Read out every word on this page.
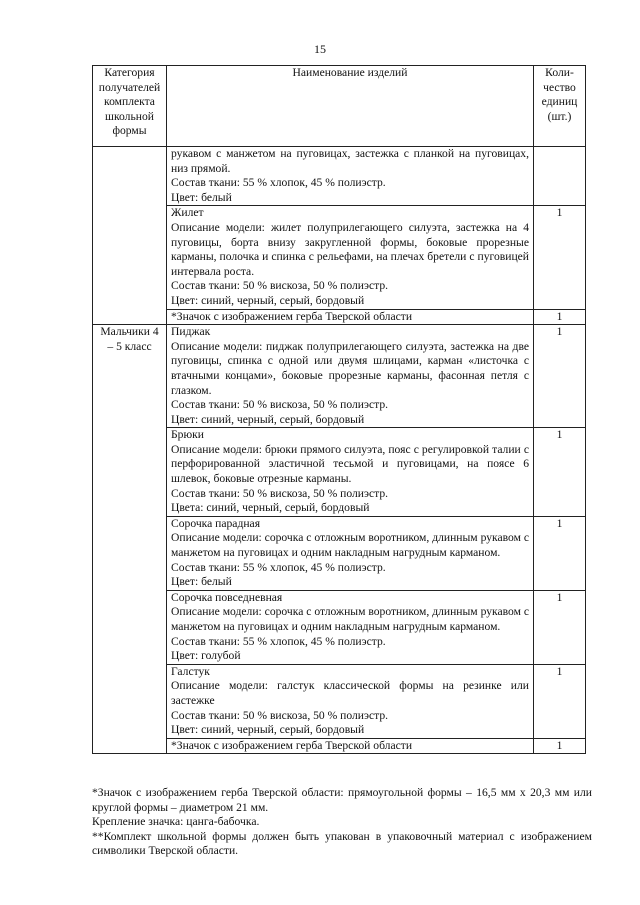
15
Категория получателей комплекта школьной формы	Наименование изделий	Коли-чество единиц (шт.)

	рукавом с манжетом на пуговицах, застежка с планкой на пуговицах, низ прямой.
Состав ткани: 55 % хлопок, 45 % полиэстр.
Цвет: белый	

	Жилет
Описание модели: жилет полуприлегающего силуэта, застежка на 4 пуговицы, борта внизу закругленной формы, боковые прорезные карманы, полочка и спинка с рельефами, на плечах бретели с пуговицей интервала роста.
Состав ткани: 50 % вискоза, 50 % полиэстр.
Цвет: синий, черный, серый, бордовый	1
	*Значок с изображением герба Тверской области	1
Мальчики 4 – 5 класс	Пиджак
Описание модели: пиджак полуприлегающего силуэта, застежка на две пуговицы, спинка с одной или двумя шлицами, карман «листочка с втачными концами», боковые прорезные карманы, фасонная петля с глазком.
Состав ткани: 50 % вискоза, 50 % полиэстр.
Цвет: синий, черный, серый, бордовый	1

	Брюки
Описание модели: брюки прямого силуэта, пояс с регулировкой талии с перфорированной эластичной тесьмой и пуговицами, на поясе 6 шлевок, боковые отрезные карманы.
Состав ткани: 50 % вискоза, 50 % полиэстр.
Цвета: синий, черный, серый, бордовый	1

	Сорочка парадная
Описание модели: сорочка с отложным воротником, длинным рукавом с манжетом на пуговицах и одним накладным нагрудным карманом.
Состав ткани: 55 % хлопок, 45 % полиэстр.
Цвет: белый	1

	Сорочка повседневная
Описание модели: сорочка с отложным воротником, длинным рукавом с манжетом на пуговицах и одним накладным нагрудным карманом.
Состав ткани: 55 % хлопок, 45 % полиэстр.
Цвет: голубой	1

	Галстук
Описание модели: галстук классической формы на резинке или застежке
Состав ткани: 50 % вискоза, 50 % полиэстр.
Цвет: синий, черный, серый, бордовый	1
	*Значок с изображением герба Тверской области	1

*Значок с изображением герба Тверской области: прямоугольной формы – 16,5 мм х 20,3 мм или круглой формы – диаметром 21 мм.

Крепление значка: цанга-бабочка.

**Комплект школьной формы должен быть упакован в упаковочный материал с изображением символики Тверской области.
